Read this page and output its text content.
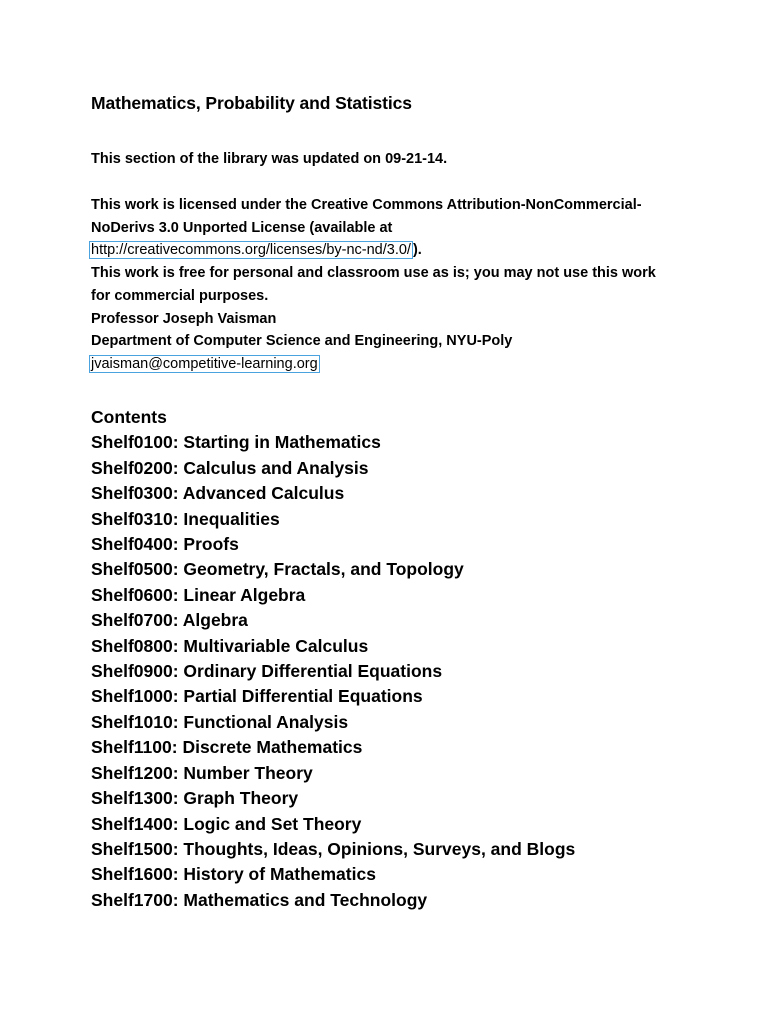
Mathematics, Probability and Statistics
This section of the library was updated on 09-21-14.
This work is licensed under the Creative Commons Attribution-NonCommercial-
NoDerivs 3.0 Unported License (available at
http://creativecommons.org/licenses/by-nc-nd/3.0/ ).
This work is free for personal and classroom use as is; you may not use this work
for commercial purposes.
Professor Joseph Vaisman
Department of Computer Science and Engineering, NYU-Poly
jvaisman@competitive-learning.org
Contents
Shelf0100: Starting in Mathematics
Shelf0200: Calculus and Analysis
Shelf0300: Advanced Calculus
Shelf0310: Inequalities
Shelf0400: Proofs
Shelf0500: Geometry, Fractals, and Topology
Shelf0600: Linear Algebra
Shelf0700: Algebra
Shelf0800: Multivariable Calculus
Shelf0900: Ordinary Differential Equations
Shelf1000: Partial Differential Equations
Shelf1010: Functional Analysis
Shelf1100: Discrete Mathematics
Shelf1200: Number Theory
Shelf1300: Graph Theory
Shelf1400: Logic and Set Theory
Shelf1500: Thoughts, Ideas, Opinions, Surveys, and Blogs
Shelf1600: History of Mathematics
Shelf1700: Mathematics and Technology
